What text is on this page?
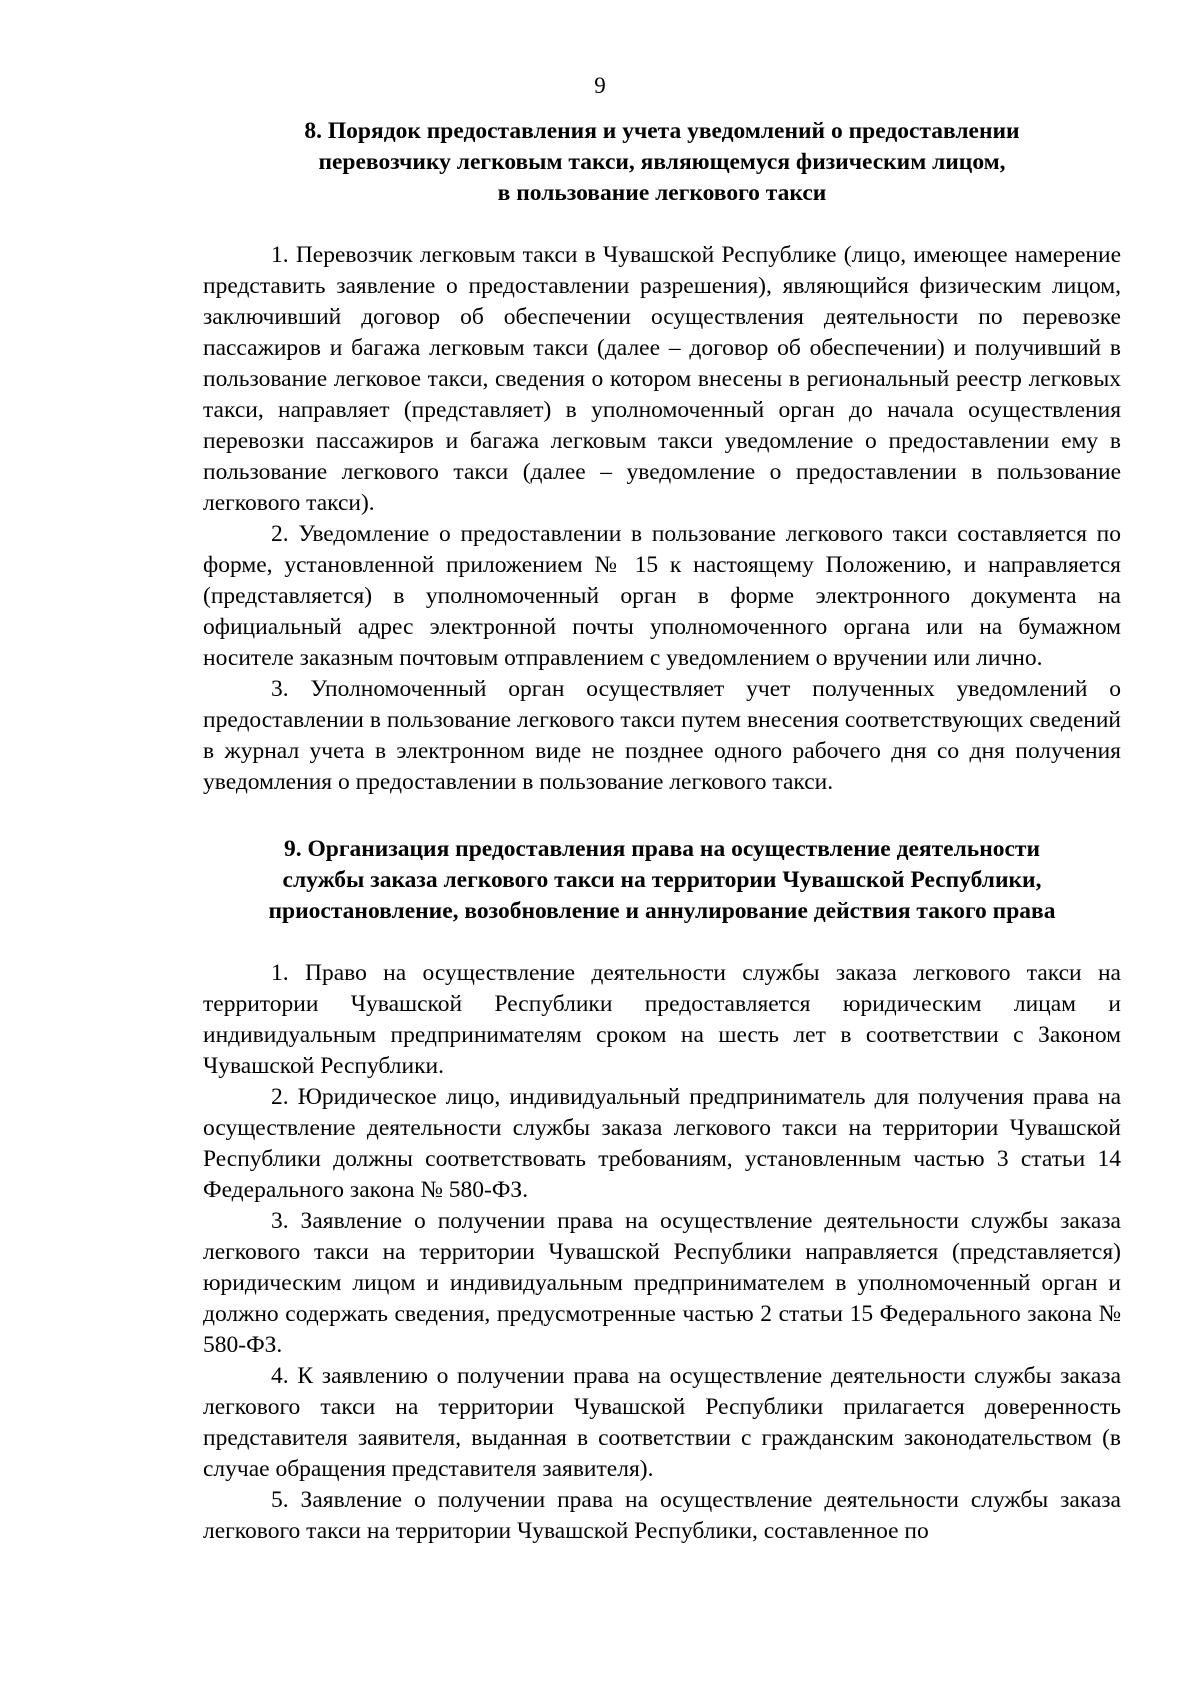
9
8. Порядок предоставления и учета уведомлений о предоставлении
перевозчику легковым такси, являющемуся физическим лицом,
в пользование легкового такси

1. Перевозчик легковым такси в Чувашской Республике (лицо, имеющее намерение представить заявление о предоставлении разрешения), являющийся физическим лицом, заключивший договор об обеспечении осуществления деятельности по перевозке пассажиров и багажа легковым такси (далее – договор об обеспечении) и получивший в пользование легковое такси, сведения о котором внесены в региональный реестр легковых такси, направляет (представляет) в уполномоченный орган до начала осуществления перевозки пассажиров и багажа легковым такси уведомление о предоставлении ему в пользование легкового такси (далее – уведомление о предоставлении в пользование легкового такси).

2. Уведомление о предоставлении в пользование легкового такси составляется по форме, установленной приложением № 15 к настоящему Положению, и направляется (представляется) в уполномоченный орган в форме электронного документа на официальный адрес электронной почты уполномоченного органа или на бумажном носителе заказным почтовым отправлением с уведомлением о вручении или лично.

3. Уполномоченный орган осуществляет учет полученных уведомлений о предоставлении в пользование легкового такси путем внесения соответствующих сведений в журнал учета в электронном виде не позднее одного рабочего дня со дня получения уведомления о предоставлении в пользование легкового такси.

9. Организация предоставления права на осуществление деятельности
службы заказа легкового такси на территории Чувашской Республики,
приостановление, возобновление и аннулирование действия такого права

1. Право на осуществление деятельности службы заказа легкового такси на территории Чувашской Республики предоставляется юридическим лицам и индивидуальным предпринимателям сроком на шесть лет в соответствии с Законом Чувашской Республики.

2. Юридическое лицо, индивидуальный предприниматель для получения права на осуществление деятельности службы заказа легкового такси на территории Чувашской Республики должны соответствовать требованиям, установленным частью 3 статьи 14 Федерального закона № 580-ФЗ.

3. Заявление о получении права на осуществление деятельности службы заказа легкового такси на территории Чувашской Республики направляется (представляется) юридическим лицом и индивидуальным предпринимателем в уполномоченный орган и должно содержать сведения, предусмотренные частью 2 статьи 15 Федерального закона № 580-ФЗ.

4. К заявлению о получении права на осуществление деятельности службы заказа легкового такси на территории Чувашской Республики прилагается доверенность представителя заявителя, выданная в соответствии с гражданским законодательством (в случае обращения представителя заявителя).

5. Заявление о получении права на осуществление деятельности службы заказа легкового такси на территории Чувашской Республики, составленное по
